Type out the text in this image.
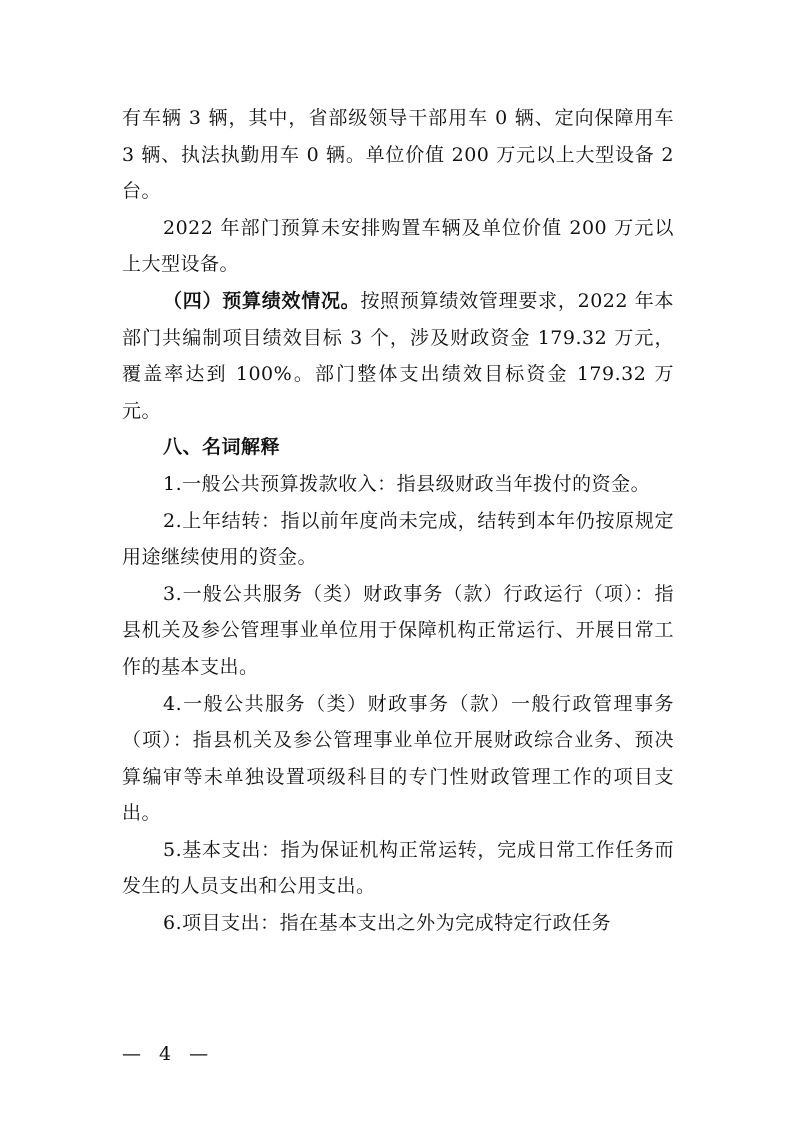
有车辆 3 辆，其中，省部级领导干部用车 0 辆、定向保障用车 3 辆、执法执勤用车 0 辆。单位价值 200 万元以上大型设备 2 台。

2022 年部门预算未安排购置车辆及单位价值 200 万元以上大型设备。

（四）预算绩效情况。按照预算绩效管理要求，2022 年本部门共编制项目绩效目标 3 个，涉及财政资金 179.32 万元，覆盖率达到 100%。部门整体支出绩效目标资金 179.32 万元。

八、名词解释

1.一般公共预算拨款收入：指县级财政当年拨付的资金。

2.上年结转：指以前年度尚未完成，结转到本年仍按原规定用途继续使用的资金。

3.一般公共服务（类）财政事务（款）行政运行（项）：指县机关及参公管理事业单位用于保障机构正常运行、开展日常工作的基本支出。

4.一般公共服务（类）财政事务（款）一般行政管理事务（项）：指县机关及参公管理事业单位开展财政综合业务、预决算编审等未单独设置项级科目的专门性财政管理工作的项目支出。

5.基本支出：指为保证机构正常运转，完成日常工作任务而发生的人员支出和公用支出。

6.项目支出：指在基本支出之外为完成特定行政任务

— 4 —
